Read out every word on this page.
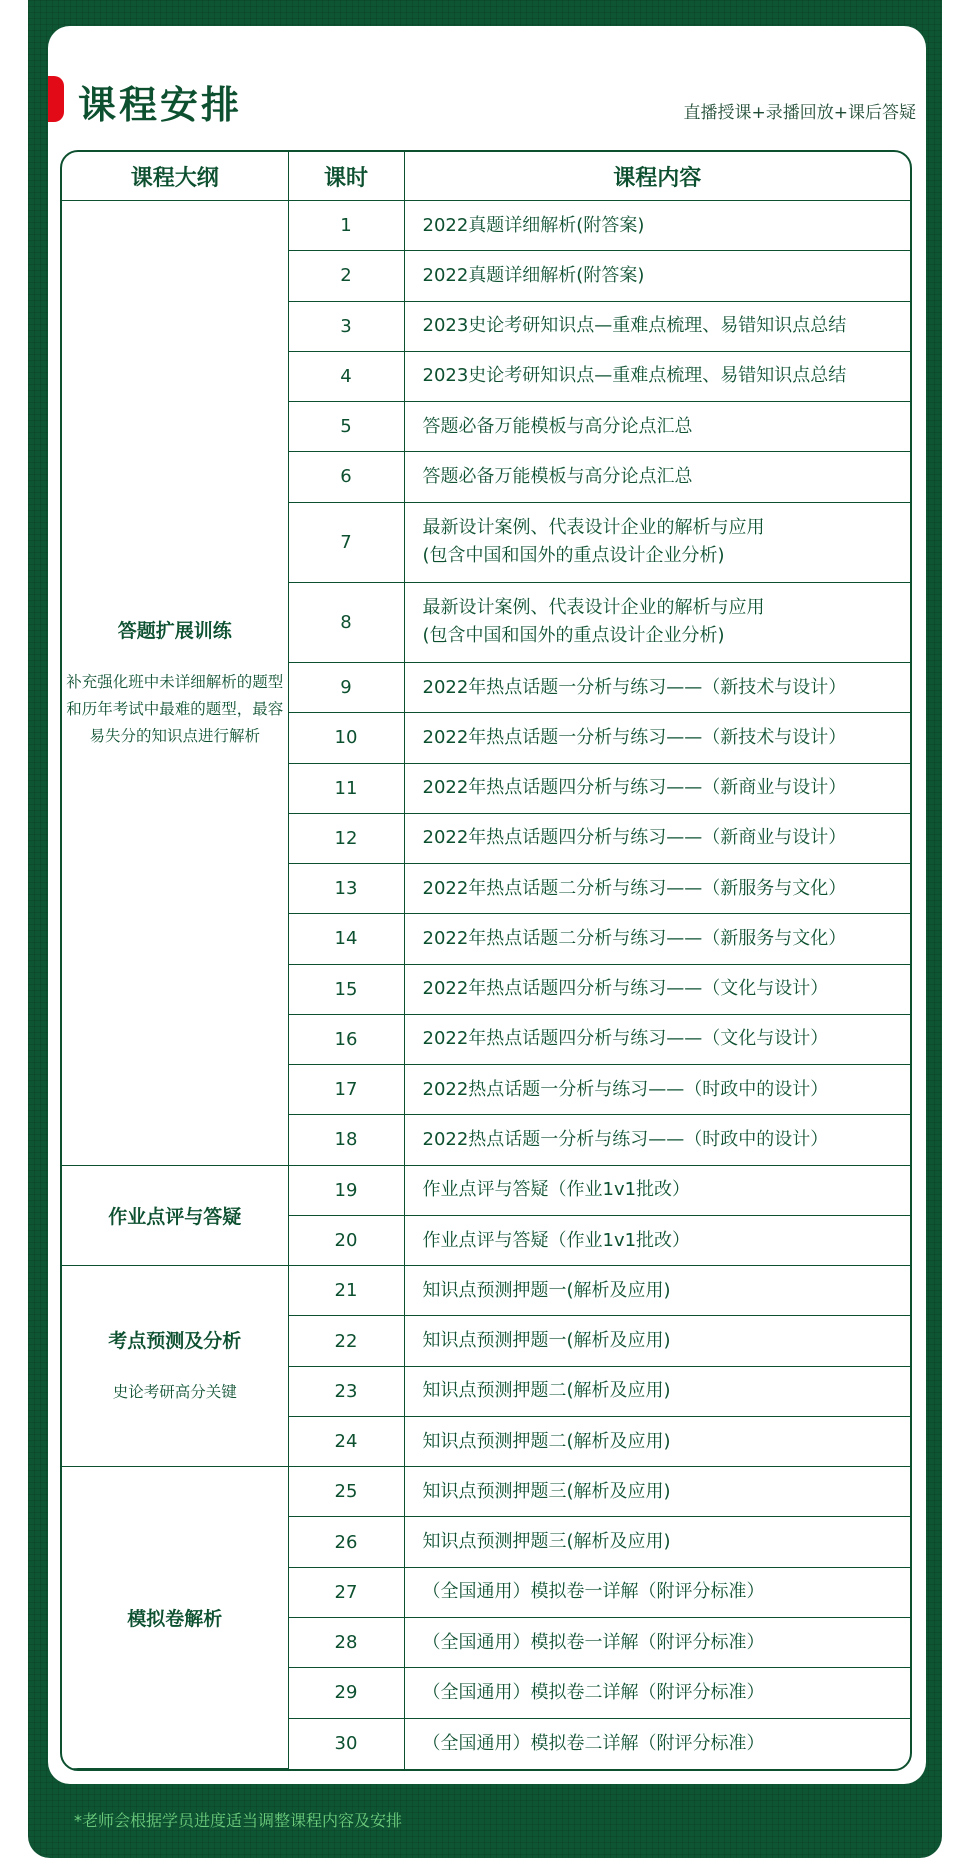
课程安排	直播授课+录播回放+课后答疑
课程大纲	课时	课程内容

答题扩展训练
补充强化班中未详细解析的题型和历年考试中最难的题型，最容易失分的知识点进行解析	1	2022真题详细解析(附答案)

	2	2022真题详细解析(附答案)

	3	2023史论考研知识点—重难点梳理、易错知识点总结

	4	2023史论考研知识点—重难点梳理、易错知识点总结

	5	答题必备万能模板与高分论点汇总

	6	答题必备万能模板与高分论点汇总

	7	最新设计案例、代表设计企业的解析与应用
(包含中国和国外的重点设计企业分析)

	8	最新设计案例、代表设计企业的解析与应用
(包含中国和国外的重点设计企业分析)

	9	2022年热点话题一分析与练习——（新技术与设计）

	10	2022年热点话题一分析与练习——（新技术与设计）

	11	2022年热点话题四分析与练习——（新商业与设计）

	12	2022年热点话题四分析与练习——（新商业与设计）

	13	2022年热点话题二分析与练习——（新服务与文化）

	14	2022年热点话题二分析与练习——（新服务与文化）

	15	2022年热点话题四分析与练习——（文化与设计）

	16	2022年热点话题四分析与练习——（文化与设计）

	17	2022热点话题一分析与练习——（时政中的设计）

	18	2022热点话题一分析与练习——（时政中的设计）

作业点评与答疑	19	作业点评与答疑（作业1v1批改）

	20	作业点评与答疑（作业1v1批改）

考点预测及分析
史论考研高分关键	21	知识点预测押题一(解析及应用)

	22	知识点预测押题一(解析及应用)

	23	知识点预测押题二(解析及应用)

	24	知识点预测押题二(解析及应用)

模拟卷解析	25	知识点预测押题三(解析及应用)

	26	知识点预测押题三(解析及应用)

	27	（全国通用）模拟卷一详解（附评分标准）

	28	（全国通用）模拟卷一详解（附评分标准）

	29	（全国通用）模拟卷二详解（附评分标准）

	30	（全国通用）模拟卷二详解（附评分标准）
*老师会根据学员进度适当调整课程内容及安排
